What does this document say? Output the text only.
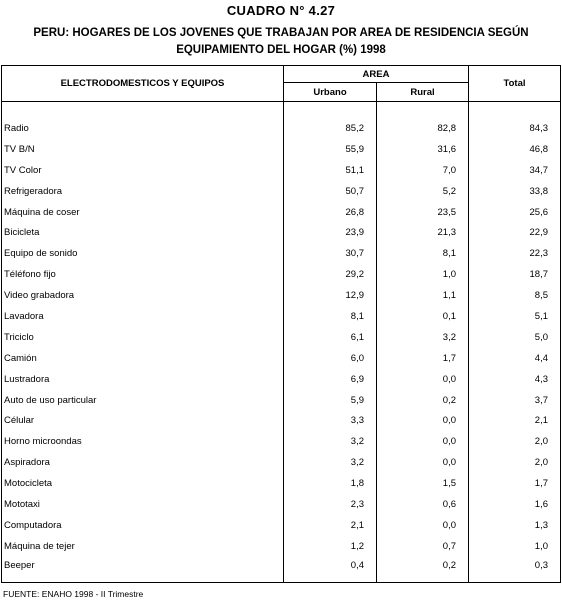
CUADRO N° 4.27
PERU: HOGARES DE LOS JOVENES QUE TRABAJAN POR AREA DE RESIDENCIA SEGÚN
EQUIPAMIENTO DEL HOGAR (%) 1998
ELECTRODOMESTICOS Y EQUIPOS	AREA		Total
	Urbano	Rural	

Radio	85,2	82,8	84,3
TV B/N	55,9	31,6	46,8
TV Color	51,1	7,0	34,7
Refrigeradora	50,7	5,2	33,8
Máquina de coser	26,8	23,5	25,6
Bicicleta	23,9	21,3	22,9
Equipo de sonido	30,7	8,1	22,3
Téléfono fijo	29,2	1,0	18,7
Video grabadora	12,9	1,1	8,5
Lavadora	8,1	0,1	5,1
Triciclo	6,1	3,2	5,0
Camión	6,0	1,7	4,4
Lustradora	6,9	0,0	4,3
Auto de uso particular	5,9	0,2	3,7
Célular	3,3	0,0	2,1
Horno microondas	3,2	0,0	2,0
Aspiradora	3,2	0,0	2,0
Motocicleta	1,8	1,5	1,7
Mototaxi	2,3	0,6	1,6
Computadora	2,1	0,0	1,3
Máquina de tejer	1,2	0,7	1,0
Beeper	0,4	0,2	0,3
FUENTE: ENAHO 1998 - II Trimestre
